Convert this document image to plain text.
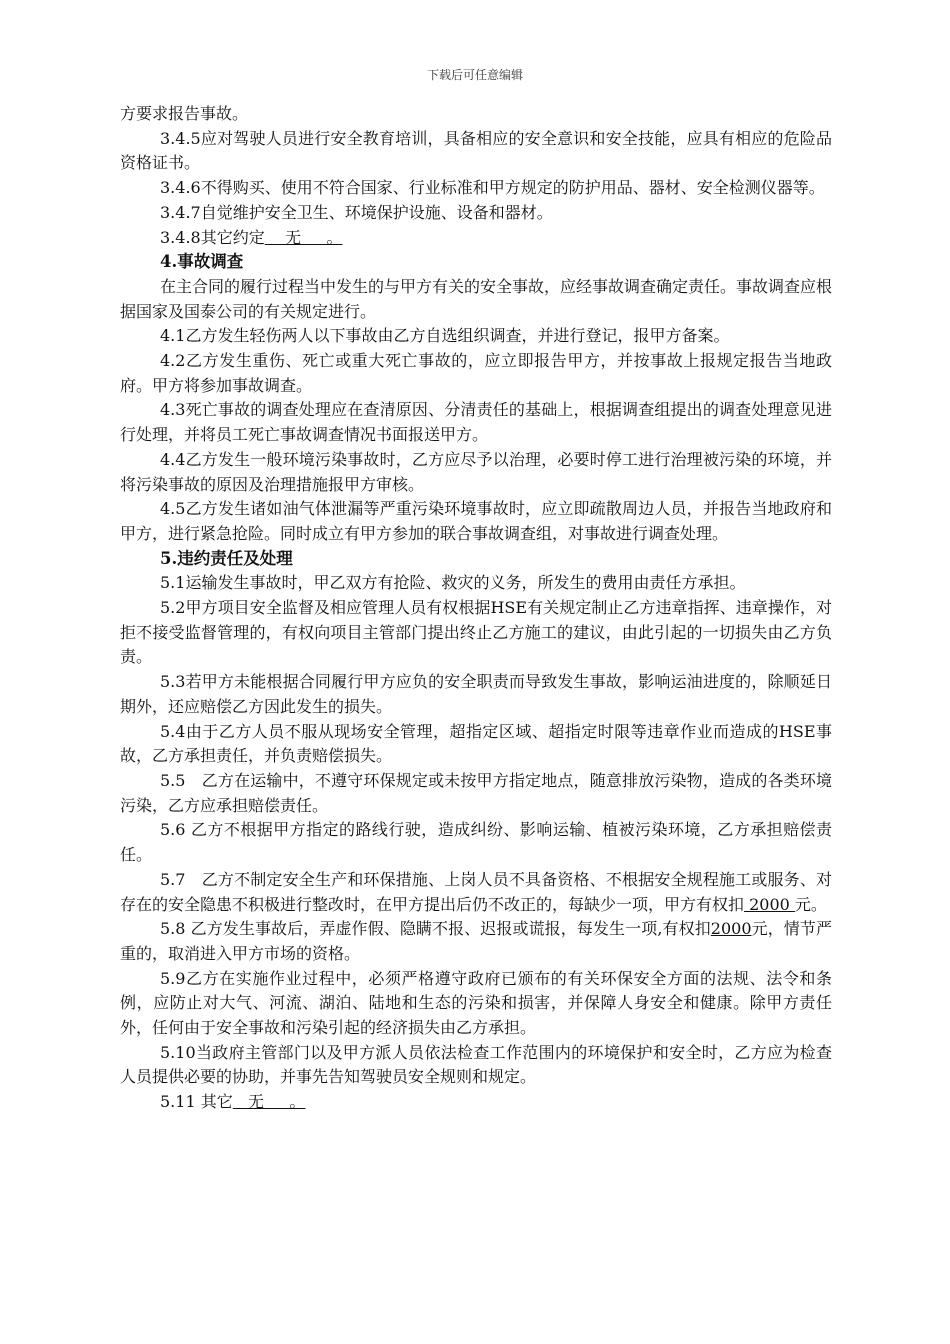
下载后可任意编辑

方要求报告事故。

3.4.5应对驾驶人员进行安全教育培训，具备相应的安全意识和安全技能，应具有相应的危险品资格证书。

3.4.6不得购买、使用不符合国家、行业标准和甲方规定的防护用品、器材、安全检测仪器等。

3.4.7自觉维护安全卫生、环境保护设施、设备和器材。

3.4.8其它约定    无     。

4.事故调查

在主合同的履行过程当中发生的与甲方有关的安全事故，应经事故调查确定责任。事故调查应根据国家及国泰公司的有关规定进行。

4.1乙方发生轻伤两人以下事故由乙方自选组织调查，并进行登记，报甲方备案。

4.2乙方发生重伤、死亡或重大死亡事故的，应立即报告甲方，并按事故上报规定报告当地政府。甲方将参加事故调查。

4.3死亡事故的调查处理应在查清原因、分清责任的基础上，根据调查组提出的调查处理意见进行处理，并将员工死亡事故调查情况书面报送甲方。

4.4乙方发生一般环境污染事故时，乙方应尽予以治理，必要时停工进行治理被污染的环境，并将污染事故的原因及治理措施报甲方审核。

4.5乙方发生诸如油气体泄漏等严重污染环境事故时，应立即疏散周边人员，并报告当地政府和甲方，进行紧急抢险。同时成立有甲方参加的联合事故调查组，对事故进行调查处理。

5.违约责任及处理

5.1运输发生事故时，甲乙双方有抢险、救灾的义务，所发生的费用由责任方承担。

5.2甲方项目安全监督及相应管理人员有权根据HSE有关规定制止乙方违章指挥、违章操作，对拒不接受监督管理的，有权向项目主管部门提出终止乙方施工的建议，由此引起的一切损失由乙方负责。

5.3若甲方未能根据合同履行甲方应负的安全职责而导致发生事故，影响运油进度的，除顺延日期外，还应赔偿乙方因此发生的损失。

5.4由于乙方人员不服从现场安全管理，超指定区域、超指定时限等违章作业而造成的HSE事故，乙方承担责任，并负责赔偿损失。

5.5　乙方在运输中，不遵守环保规定或未按甲方指定地点，随意排放污染物，造成的各类环境污染，乙方应承担赔偿责任。

5.6 乙方不根据甲方指定的路线行驶，造成纠纷、影响运输、植被污染环境，乙方承担赔偿责任。

5.7　乙方不制定安全生产和环保措施、上岗人员不具备资格、不根据安全规程施工或服务、对存在的安全隐患不积极进行整改时，在甲方提出后仍不改正的，每缺少一项，甲方有权扣 2000 元。

5.8 乙方发生事故后，弄虚作假、隐瞒不报、迟报或谎报，每发生一项,有权扣2000元，情节严重的，取消进入甲方市场的资格。

5.9乙方在实施作业过程中，必须严格遵守政府已颁布的有关环保安全方面的法规、法令和条例，应防止对大气、河流、湖泊、陆地和生态的污染和损害，并保障人身安全和健康。除甲方责任外，任何由于安全事故和污染引起的经济损失由乙方承担。

5.10当政府主管部门以及甲方派人员依法检查工作范围内的环境保护和安全时，乙方应为检查人员提供必要的协助，并事先告知驾驶员安全规则和规定。

5.11 其它   无     。
